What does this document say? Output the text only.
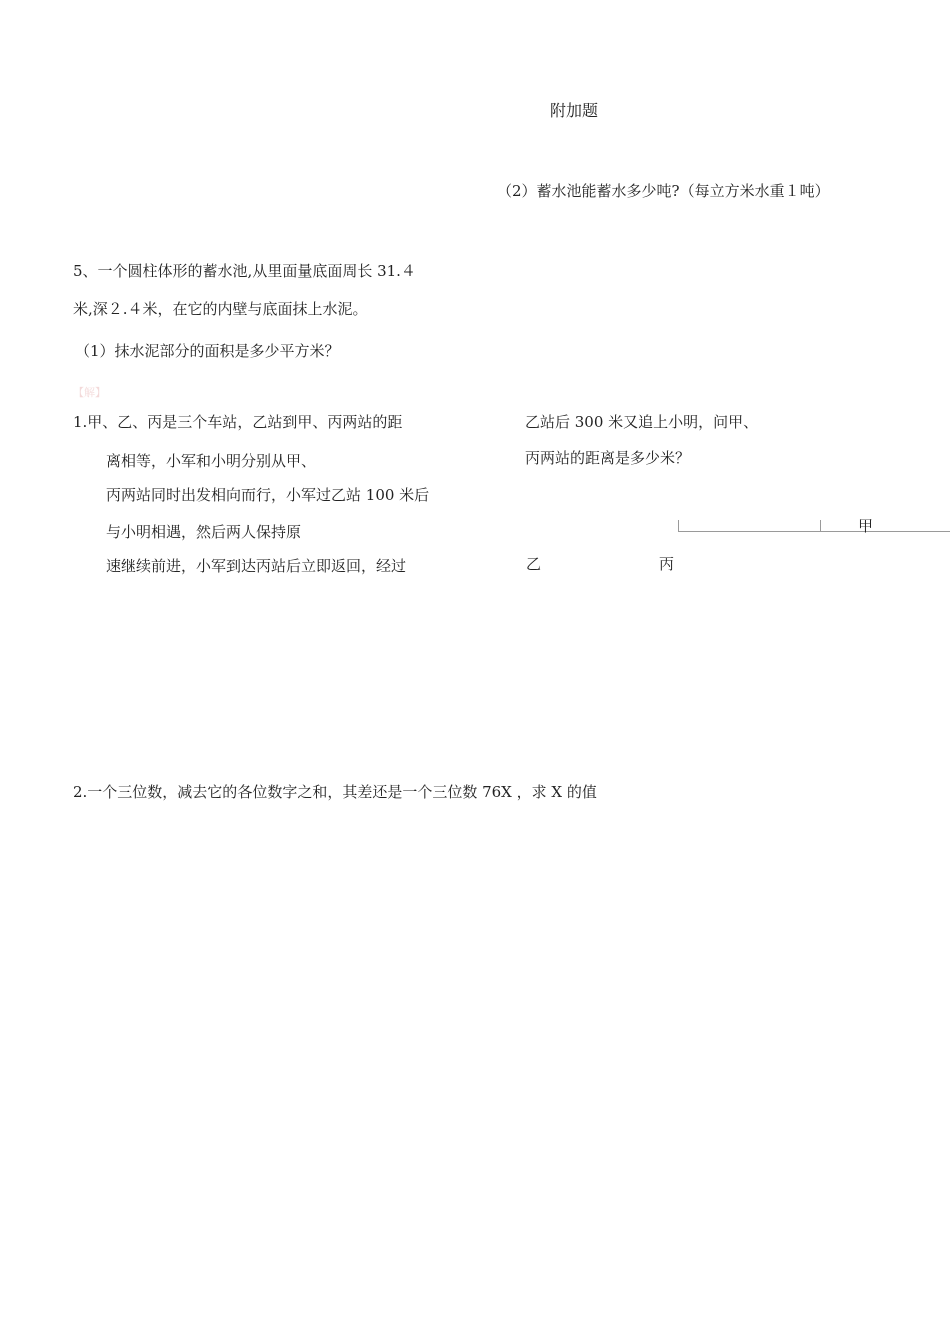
附加题
（2）蓄水池能蓄水多少吨?（每立方米水重１吨）
5、一个圆柱体形的蓄水池,从里面量底面周长 31.４
米,深２.４米，在它的内壁与底面抹上水泥。
（1）抹水泥部分的面积是多少平方米？
【解】
1.甲、乙、丙是三个车站，乙站到甲、丙两站的距
离相等，小军和小明分别从甲、
丙两站同时出发相向而行，小军过乙站 100 米后
与小明相遇，然后两人保持原
速继续前进，小军到达丙站后立即返回，经过
乙站后 300 米又追上小明，问甲、
丙两站的距离是多少米？
甲
乙	丙
2.一个三位数，减去它的各位数字之和，其差还是一个三位数 76X ，求 X 的值
